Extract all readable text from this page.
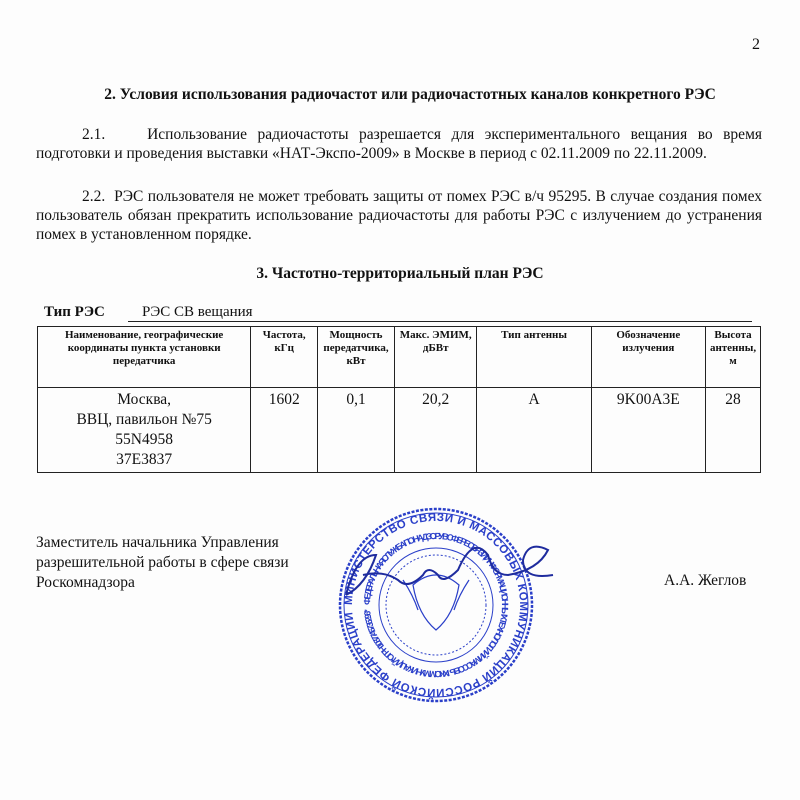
2
2. Условия использования радиочастот или радиочастотных каналов конкретного РЭС
2.1.	Использование радиочастоты разрешается для экспериментального вещания во время подготовки и проведения выставки «НАТ-Экспо-2009» в Москве в период с 02.11.2009 по 22.11.2009.
2.2. РЭС пользователя не может требовать защиты от помех РЭС в/ч 95295. В случае создания помех пользователь обязан прекратить использование радиочастоты для работы РЭС с излучением до устранения помех в установленном порядке.
3. Частотно-территориальный план РЭС
Тип РЭС РЭС СВ вещания
Наименование, географические координаты пункта установки передатчика	Частота, кГц	Мощность передатчика, кВт	Макс. ЭМИМ, дБВт	Тип антенны	Обозначение излучения	Высота антенны, м

Москва,
ВВЦ, павильон №75
55N4958
37E3837	1602	0,1	20,2	A	9K00A3E	28
Заместитель начальника Управления
разрешительной работы в сфере связи
Роскомнадзора	А.А. Жеглов
МИНИСТЕРСТВО СВЯЗИ И МАССОВЫХ КОММУНИКАЦИЙ РОССИЙСКОЙ ФЕДЕРАЦИИ
ФЕДЕРАЛЬНАЯ СЛУЖБА ПО НАДЗОРУ В СФЕРЕ СВЯЗИ, ИНФОРМАЦИОННЫХ ТЕХНОЛОГИЙ И МАССОВЫХ КОММУНИКАЦИЙ * ОГРН 1087746736296 *
